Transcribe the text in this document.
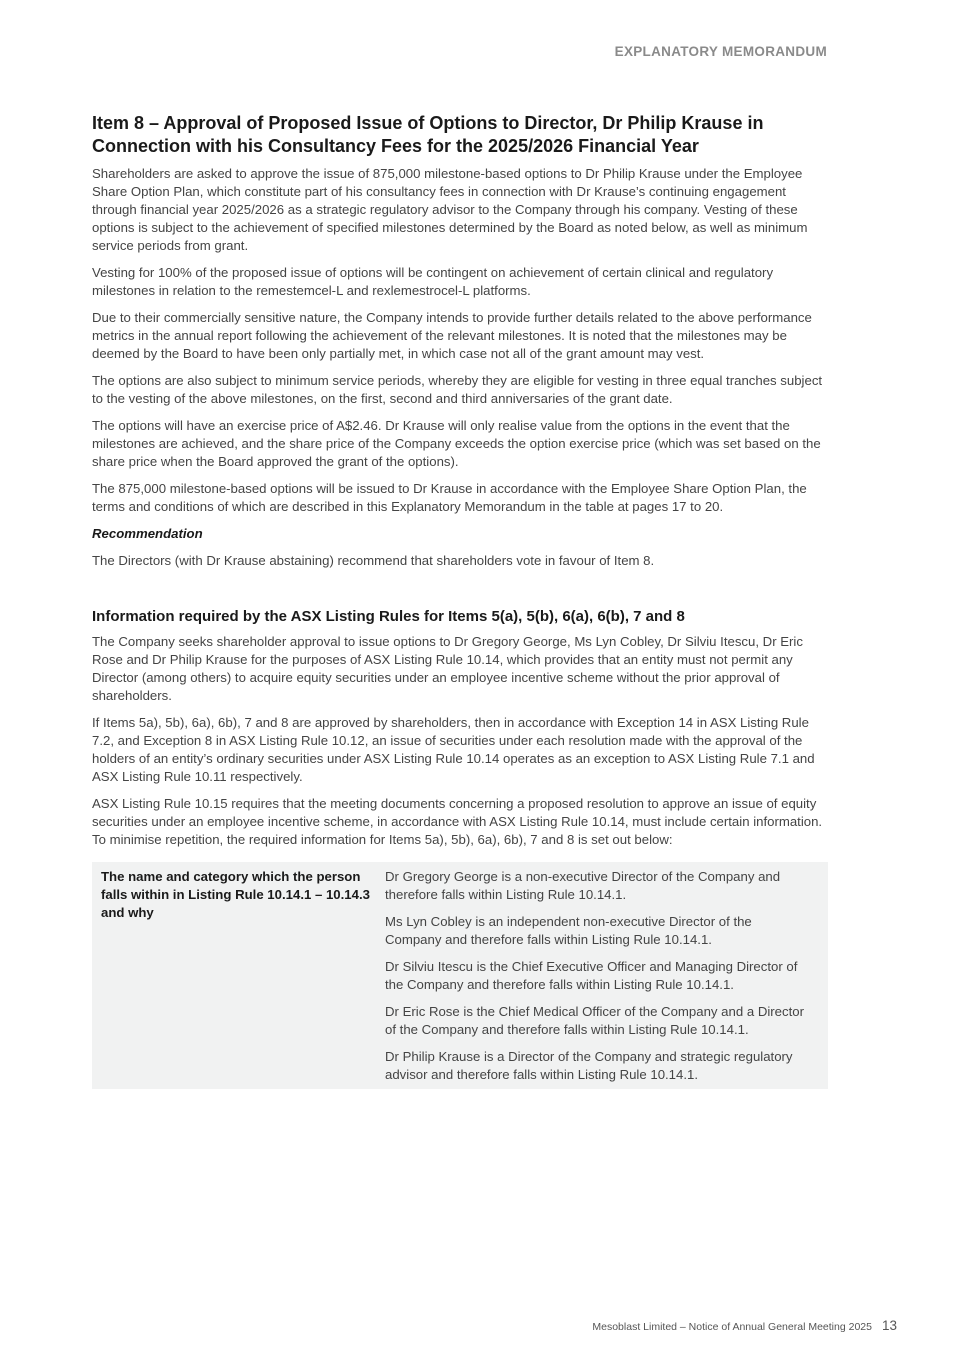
EXPLANATORY MEMORANDUM
Item 8 – Approval of Proposed Issue of Options to Director, Dr Philip Krause in Connection with his Consultancy Fees for the 2025/2026 Financial Year

Shareholders are asked to approve the issue of 875,000 milestone-based options to Dr Philip Krause under the Employee Share Option Plan, which constitute part of his consultancy fees in connection with Dr Krause’s continuing engagement through financial year 2025/2026 as a strategic regulatory advisor to the Company through his company. Vesting of these options is subject to the achievement of specified milestones determined by the Board as noted below, as well as minimum service periods from grant.

Vesting for 100% of the proposed issue of options will be contingent on achievement of certain clinical and regulatory milestones in relation to the remestemcel-L and rexlemestrocel-L platforms.

Due to their commercially sensitive nature, the Company intends to provide further details related to the above performance metrics in the annual report following the achievement of the relevant milestones. It is noted that the milestones may be deemed by the Board to have been only partially met, in which case not all of the grant amount may vest.

The options are also subject to minimum service periods, whereby they are eligible for vesting in three equal tranches subject to the vesting of the above milestones, on the first, second and third anniversaries of the grant date.

The options will have an exercise price of A$2.46. Dr Krause will only realise value from the options in the event that the milestones are achieved, and the share price of the Company exceeds the option exercise price (which was set based on the share price when the Board approved the grant of the options).

The 875,000 milestone-based options will be issued to Dr Krause in accordance with the Employee Share Option Plan, the terms and conditions of which are described in this Explanatory Memorandum in the table at pages 17 to 20.

Recommendation

The Directors (with Dr Krause abstaining) recommend that shareholders vote in favour of Item 8.

Information required by the ASX Listing Rules for Items 5(a), 5(b), 6(a), 6(b), 7 and 8

The Company seeks shareholder approval to issue options to Dr Gregory George, Ms Lyn Cobley, Dr Silviu Itescu, Dr Eric Rose and Dr Philip Krause for the purposes of ASX Listing Rule 10.14, which provides that an entity must not permit any Director (among others) to acquire equity securities under an employee incentive scheme without the prior approval of shareholders.

If Items 5a), 5b), 6a), 6b), 7 and 8 are approved by shareholders, then in accordance with Exception 14 in ASX Listing Rule 7.2, and Exception 8 in ASX Listing Rule 10.12, an issue of securities under each resolution made with the approval of the holders of an entity’s ordinary securities under ASX Listing Rule 10.14 operates as an exception to ASX Listing Rule 7.1 and ASX Listing Rule 10.11 respectively.

ASX Listing Rule 10.15 requires that the meeting documents concerning a proposed resolution to approve an issue of equity securities under an employee incentive scheme, in accordance with ASX Listing Rule 10.14, must include certain information. To minimise repetition, the required information for Items 5a), 5b), 6a), 6b), 7 and 8 is set out below:

The name and category which the person falls within in Listing Rule 10.14.1 – 10.14.3 and why

Dr Gregory George is a non-executive Director of the Company and therefore falls within Listing Rule 10.14.1.

Ms Lyn Cobley is an independent non-executive Director of the Company and therefore falls within Listing Rule 10.14.1.

Dr Silviu Itescu is the Chief Executive Officer and Managing Director of the Company and therefore falls within Listing Rule 10.14.1.

Dr Eric Rose is the Chief Medical Officer of the Company and a Director of the Company and therefore falls within Listing Rule 10.14.1.

Dr Philip Krause is a Director of the Company and strategic regulatory advisor and therefore falls within Listing Rule 10.14.1.

Mesoblast Limited – Notice of Annual General Meeting 2025 13
